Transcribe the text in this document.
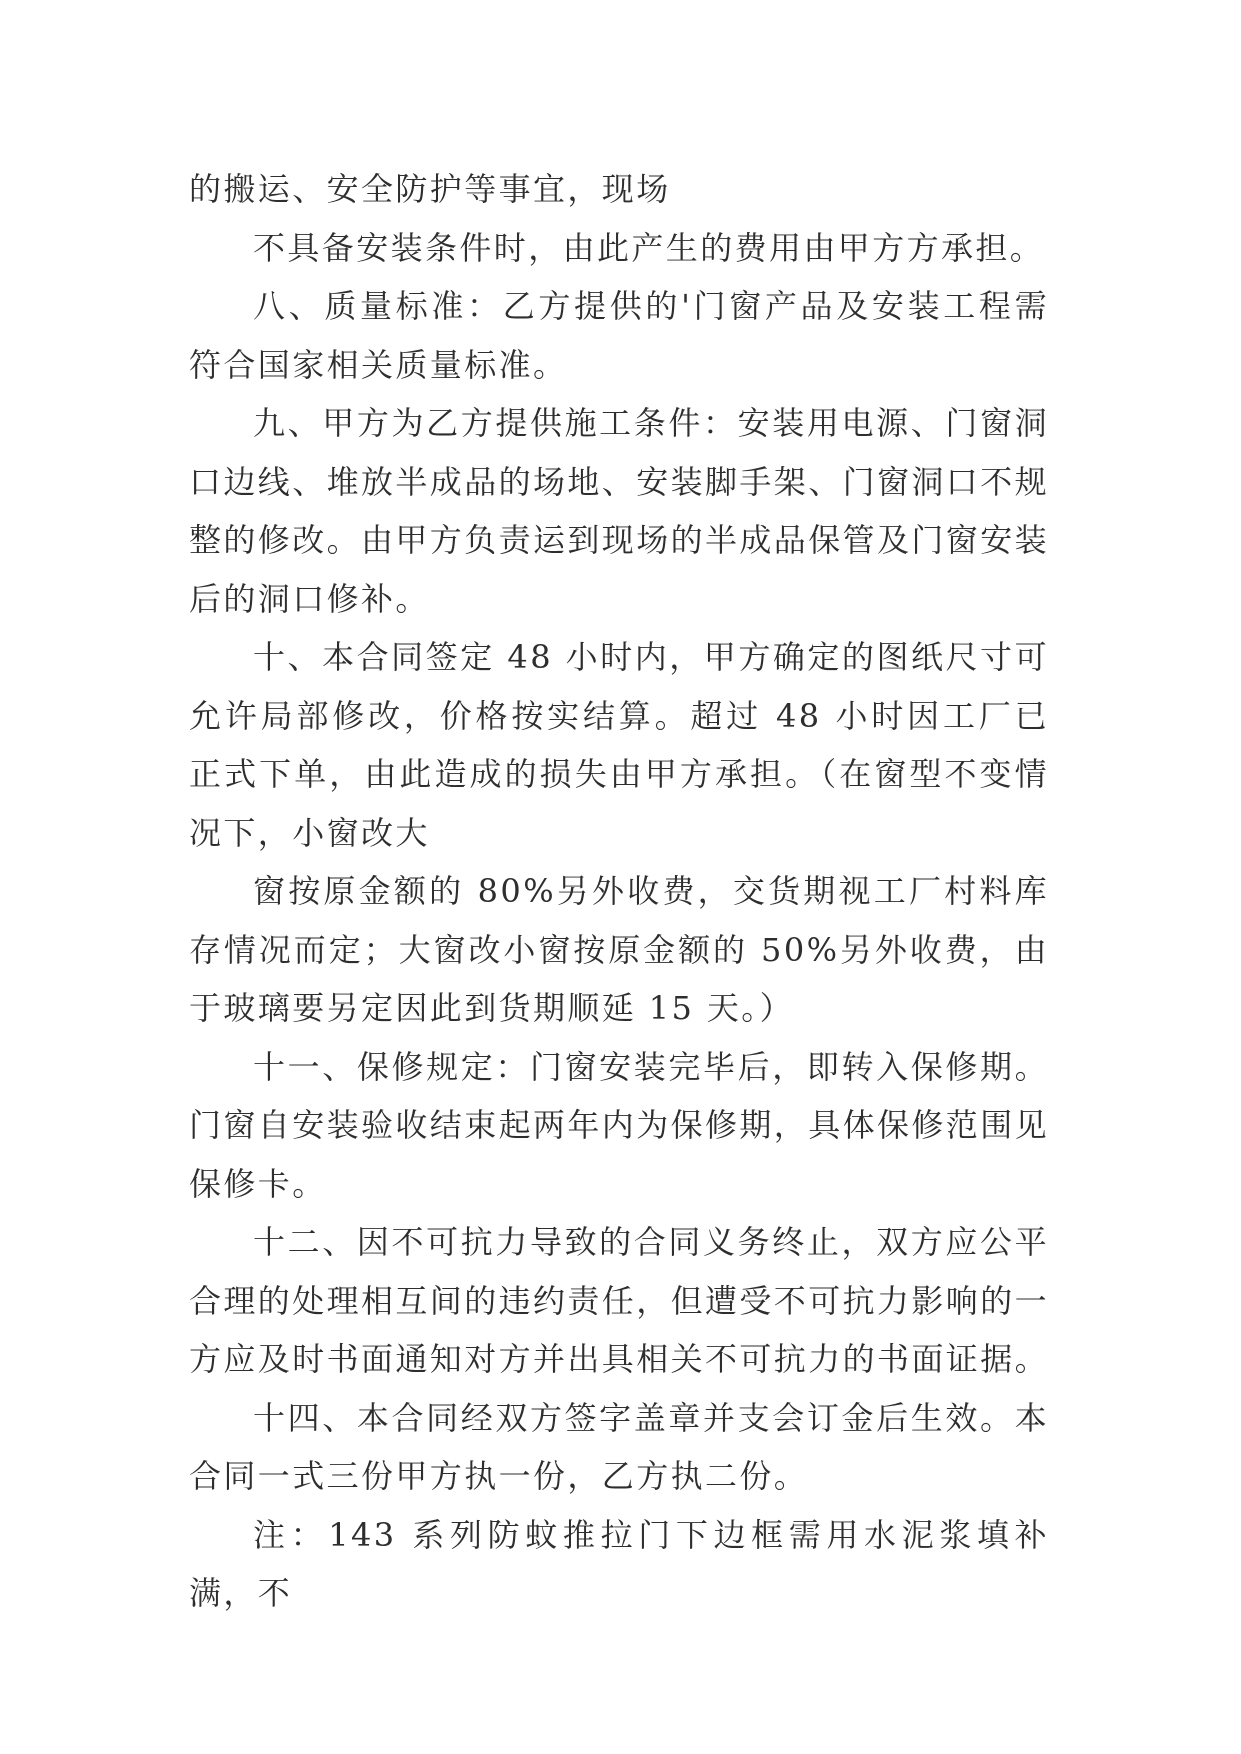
的搬运、安全防护等事宜，现场

不具备安装条件时，由此产生的费用由甲方方承担。

八、质量标准：乙方提供的'门窗产品及安装工程需符合国家相关质量标准。

九、甲方为乙方提供施工条件：安装用电源、门窗洞口边线、堆放半成品的场地、安装脚手架、门窗洞口不规整的修改。由甲方负责运到现场的半成品保管及门窗安装后的洞口修补。

十、本合同签定 48 小时内，甲方确定的图纸尺寸可允许局部修改，价格按实结算。超过 48 小时因工厂已正式下单，由此造成的损失由甲方承担。（在窗型不变情况下，小窗改大

窗按原金额的 80%另外收费，交货期视工厂村料库存情况而定；大窗改小窗按原金额的 50%另外收费，由于玻璃要另定因此到货期顺延 15 天。）

十一、保修规定：门窗安装完毕后，即转入保修期。门窗自安装验收结束起两年内为保修期，具体保修范围见保修卡。

十二、因不可抗力导致的合同义务终止，双方应公平合理的处理相互间的违约责任，但遭受不可抗力影响的一方应及时书面通知对方并出具相关不可抗力的书面证据。

十四、本合同经双方签字盖章并支会订金后生效。本合同一式三份甲方执一份，乙方执二份。

注：143 系列防蚊推拉门下边框需用水泥浆填补满，不
